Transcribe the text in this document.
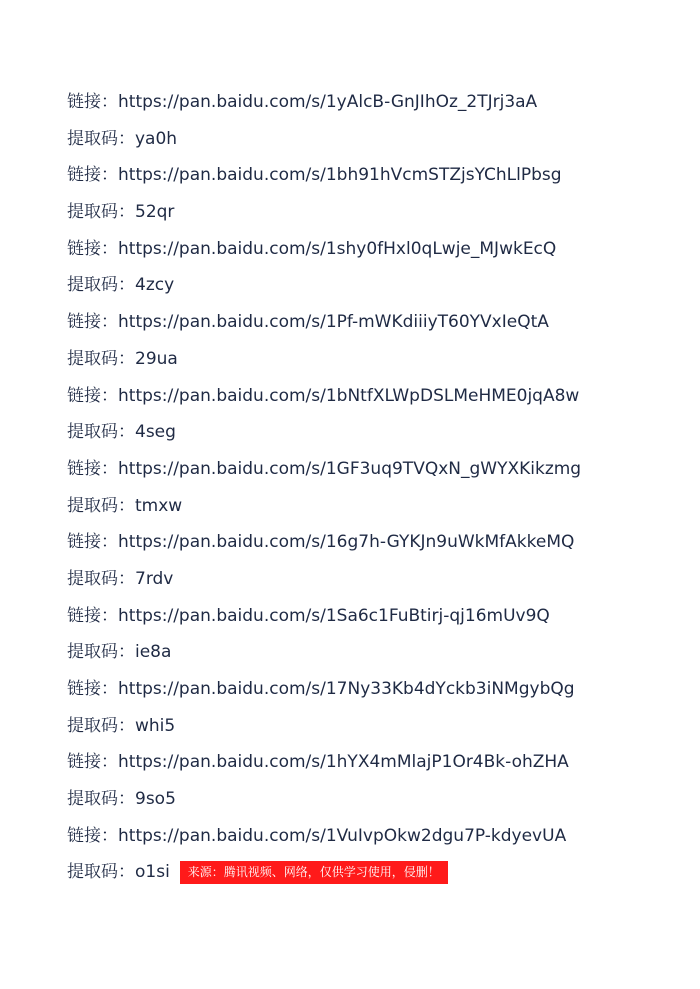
链接： https://pan.baidu.com/s/1yAlcB-GnJIhOz_2TJrj3aA
提取码： ya0h
链接： https://pan.baidu.com/s/1bh91hVcmSTZjsYChLlPbsg
提取码： 52qr
链接： https://pan.baidu.com/s/1shy0fHxl0qLwje_MJwkEcQ
提取码： 4zcy
链接： https://pan.baidu.com/s/1Pf-mWKdiiiyT60YVxIeQtA
提取码： 29ua
链接： https://pan.baidu.com/s/1bNtfXLWpDSLMeHME0jqA8w
提取码： 4seg
链接： https://pan.baidu.com/s/1GF3uq9TVQxN_gWYXKikzmg
提取码： tmxw
链接： https://pan.baidu.com/s/16g7h-GYKJn9uWkMfAkkeMQ
提取码： 7rdv
链接： https://pan.baidu.com/s/1Sa6c1FuBtirj-qj16mUv9Q
提取码： ie8a
链接： https://pan.baidu.com/s/17Ny33Kb4dYckb3iNMgybQg
提取码： whi5
链接： https://pan.baidu.com/s/1hYX4mMlajP1Or4Bk-ohZHA
提取码： 9so5
链接： https://pan.baidu.com/s/1VuIvpOkw2dgu7P-kdyevUA
提取码： o1si	来源：腾讯视频、网络，仅供学习使用，侵删！
